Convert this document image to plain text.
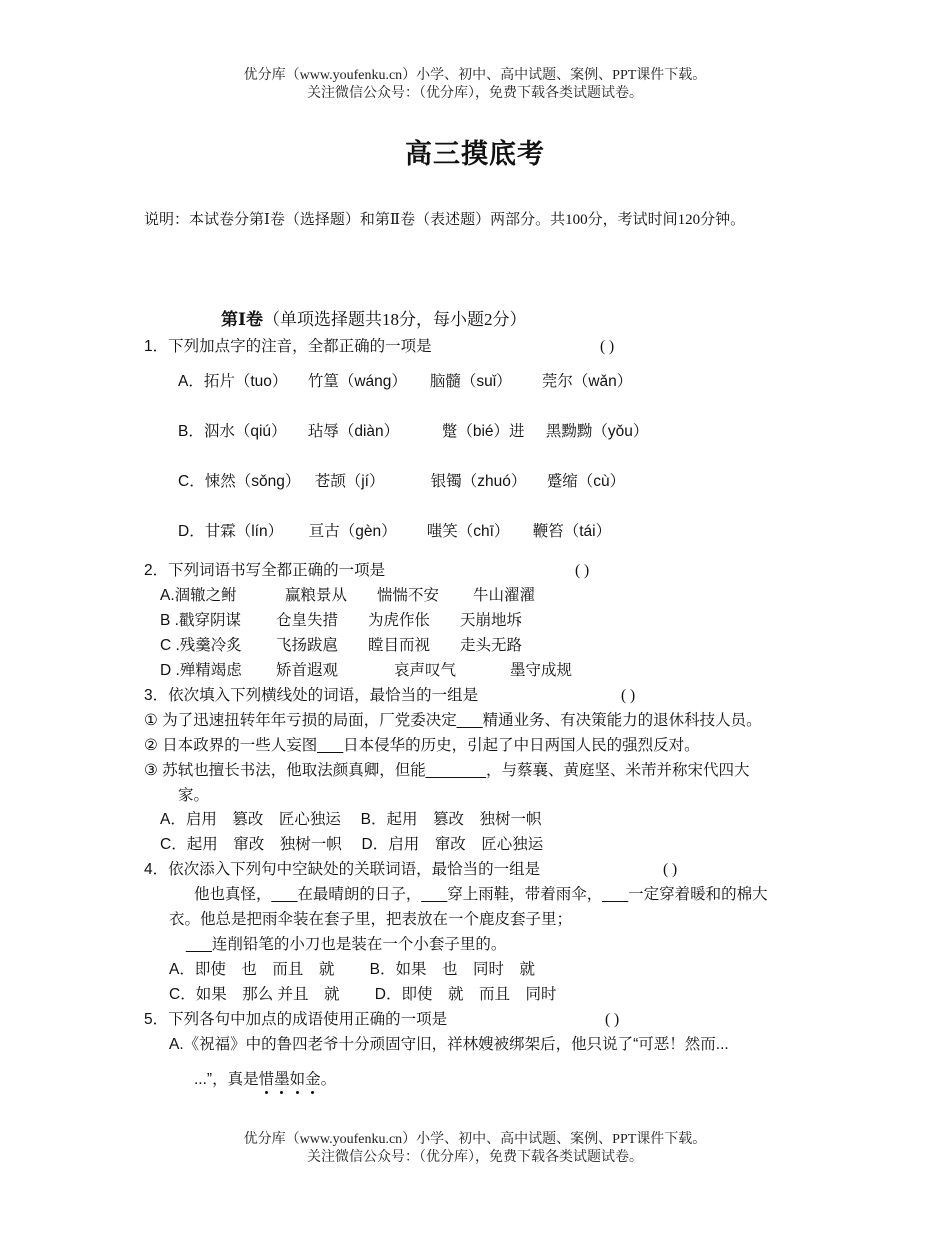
优分库（www.youfenku.cn）小学、初中、高中试题、案例、PPT课件下载。
关注微信公众号：（优分库），免费下载各类试题试卷。
高三摸底考
说明：本试卷分第Ⅰ卷（选择题）和第Ⅱ卷（表述题）两部分。共100分，考试时间120分钟。
第Ⅰ卷（单项选择题共18分，每小题2分）
1．下列加点字的注音，全都正确的一项是	( )
A．拓片（tuo） 竹篁（wáng） 脑髓（suǐ） 莞尔（wǎn）
B．泅水（qiú） 玷辱（diàn）	蹩（bié）进 黑黝黝（yǒu）
C．悚然（sǒng） 苍颉（jí）	银镯（zhuó） 蹙缩（cù）
D．甘霖（lín） 亘古（gèn） 嗤笑（chī） 鞭笞（tái）
2．下列词语书写全都正确的一项是	( )
A.涸辙之鲋	赢粮景从 惴惴不安 牛山濯濯
B .戳穿阴谋 仓皇失措 为虎作伥 天崩地坼
C .残羹冷炙 飞扬跋扈 瞠目而视 走头无路
D .殚精竭虑 矫首遐观	哀声叹气	墨守成规
3．依次填入下列横线处的词语，最恰当的一组是	( )
① 为了迅速扭转年年亏损的局面，厂党委决定___精通业务、有决策能力的退休科技人员。
② 日本政界的一些人妄图___日本侵华的历史，引起了中日两国人民的强烈反对。
③ 苏轼也擅长书法，他取法颜真卿，但能_______，与蔡襄、黄庭坚、米芾并称宋代四大
家。
A．启用　篡改　匠心独运　 B．起用　篡改　独树一帜
C．起用　窜改　独树一帜　 D．启用　窜改　匠心独运
4．依次添入下列句中空缺处的关联词语，最恰当的一组是	( )
他也真怪，___在最晴朗的日子，___穿上雨鞋，带着雨伞，___一定穿着暖和的棉大
衣。他总是把雨伞装在套子里，把表放在一个鹿皮套子里；
___连削铅笔的小刀也是装在一个小套子里的。
A．即使　也　而且　就　　 B．如果　也　同时　就
C．如果　那么 并且　就　　 D．即使　就　而且　同时
5．下列各句中加点的成语使用正确的一项是	( )
A.《祝福》中的鲁四老爷十分顽固守旧，祥林嫂被绑架后，他只说了“可恶！然而...
...”，真是惜墨如金。
优分库（www.youfenku.cn）小学、初中、高中试题、案例、PPT课件下载。
关注微信公众号：（优分库），免费下载各类试题试卷。
